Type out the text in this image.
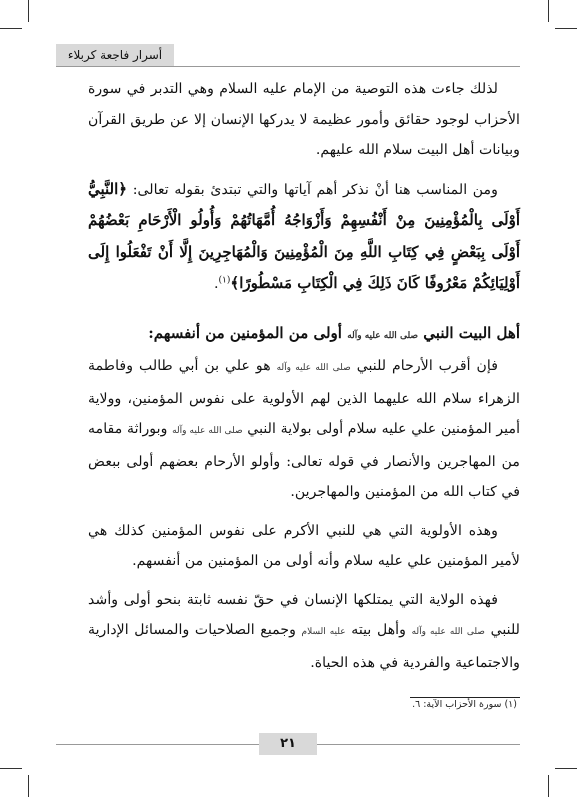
أسرار فاجعة كربلاء

لذلك جاءت هذه التوصية من الإمام عليه السلام وهي التدبر في سورة الأحزاب لوجود حقائق وأمور عظيمة لا يدركها الإنسان إلا عن طريق القرآن وبيانات أهل البيت سلام الله عليهم.

ومن المناسب هنا أنْ نذكر أهم آياتها والتي تبتدئ بقوله تعالى: ﴿النَّبِيُّ أَوْلَى بِالْمُؤْمِنِينَ مِنْ أَنْفُسِهِمْ وَأَزْوَاجُهُ أُمَّهَاتُهُمْ وَأُولُو الْأَرْحَامِ بَعْضُهُمْ أَوْلَى بِبَعْضٍ فِي كِتَابِ اللَّهِ مِنَ الْمُؤْمِنِينَ وَالْمُهَاجِرِينَ إِلَّا أَنْ تَفْعَلُوا إِلَى أَوْلِيَائِكُمْ مَعْرُوفًا كَانَ ذَلِكَ فِي الْكِتَابِ مَسْطُورًا﴾$^{(١)}$.

أهل البيت النبي صلى الله عليه وآله أولى من المؤمنين من أنفسهم:

فإن أقرب الأرحام للنبي صلى الله عليه وآله هو علي بن أبي طالب وفاطمة الزهراء سلام الله عليهما الذين لهم الأولوية على نفوس المؤمنين، وولاية أمير المؤمنين علي عليه سلام أولى بولاية النبي صلى الله عليه وآله وبوراثة مقامه من المهاجرين والأنصار في قوله تعالى: وأولو الأرحام بعضهم أولى ببعض في كتاب الله من المؤمنين والمهاجرين.

وهذه الأولوية التي هي للنبي الأكرم على نفوس المؤمنين كذلك هي لأمير المؤمنين علي عليه سلام وأنه أولى من المؤمنين من أنفسهم.

فهذه الولاية التي يمتلكها الإنسان في حقّ نفسه ثابتة بنحو أولى وأشد للنبي صلى الله عليه وآله وأهل بيته عليه السلام وجميع الصلاحيات والمسائل الإدارية والاجتماعية والفردية في هذه الحياة.

(١) سورة الأحزاب الآية: ٦.
٢١
